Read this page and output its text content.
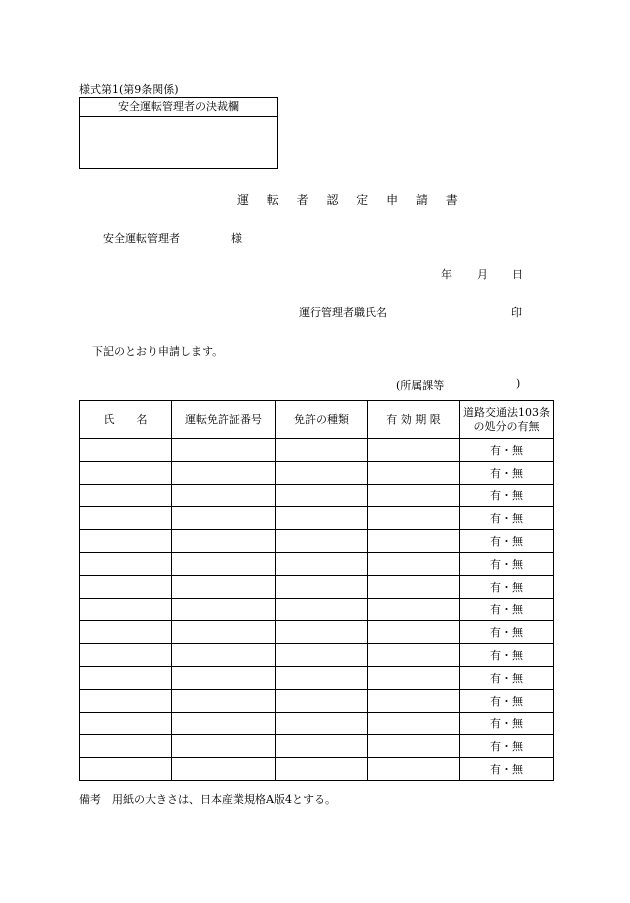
様式第1(第9条関係)
安全運転管理者の決裁欄
運 転 者 認 定 申 請 書
安全運転管理者	様
年 月 日
運行管理者職氏名	印
下記のとおり申請します。
(所属課等	)
氏　　名	運転免許証番号	免許の種類	有 効 期 限	道路交通法103条の処分の有無
				有・無
				有・無
				有・無
				有・無
				有・無
				有・無
				有・無
				有・無
				有・無
				有・無
				有・無
				有・無
				有・無
				有・無
				有・無
備考　用紙の大きさは、日本産業規格A版4とする。
